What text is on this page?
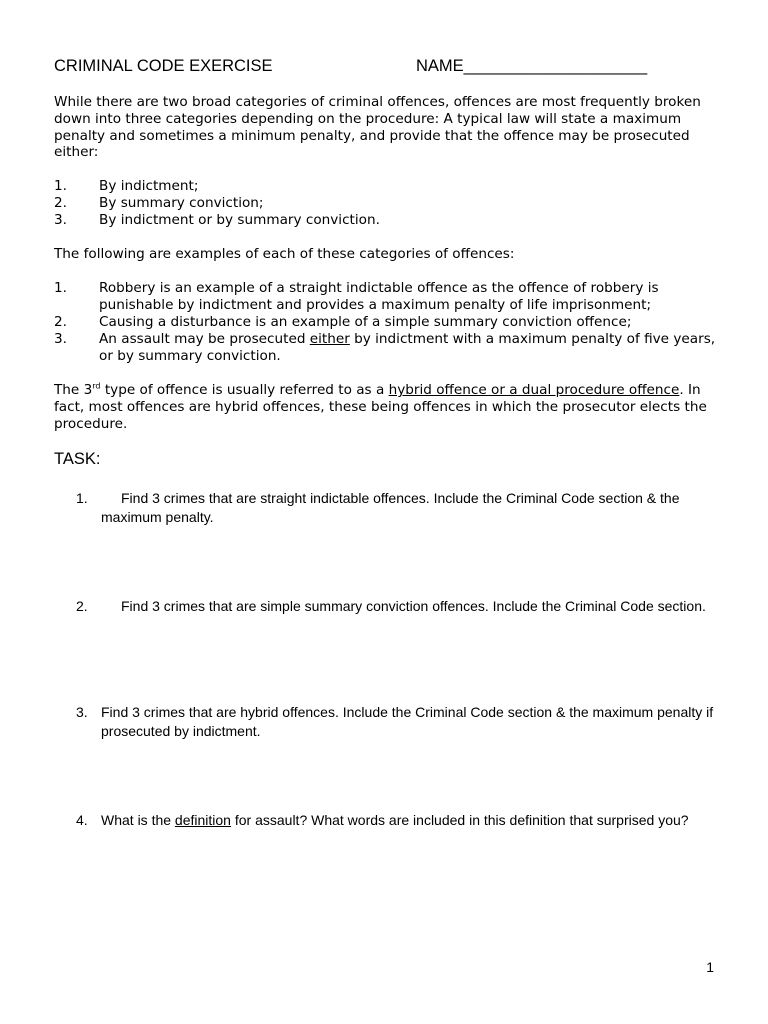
CRIMINAL CODE EXERCISE	NAME____________________
While there are two broad categories of criminal offences, offences are most frequently broken down into three categories depending on the procedure: A typical law will state a maximum penalty and sometimes a minimum penalty, and provide that the offence may be prosecuted either:
1. By indictment;
2. By summary conviction;
3. By indictment or by summary conviction.
The following are examples of each of these categories of offences:
1. Robbery is an example of a straight indictable offence as the offence of robbery is punishable by indictment and provides a maximum penalty of life imprisonment;
2. Causing a disturbance is an example of a simple summary conviction offence;
3. An assault may be prosecuted either by indictment with a maximum penalty of five years, or by summary conviction.
The 3rd type of offence is usually referred to as a hybrid offence or a dual procedure offence. In fact, most offences are hybrid offences, these being offences in which the prosecutor elects the procedure.
TASK:
1.	Find 3 crimes that are straight indictable offences. Include the Criminal Code section & the maximum penalty.
2.	Find 3 crimes that are simple summary conviction offences. Include the Criminal Code section.
3. Find 3 crimes that are hybrid offences. Include the Criminal Code section & the maximum penalty if prosecuted by indictment.
4. What is the definition for assault? What words are included in this definition that surprised you?
1
